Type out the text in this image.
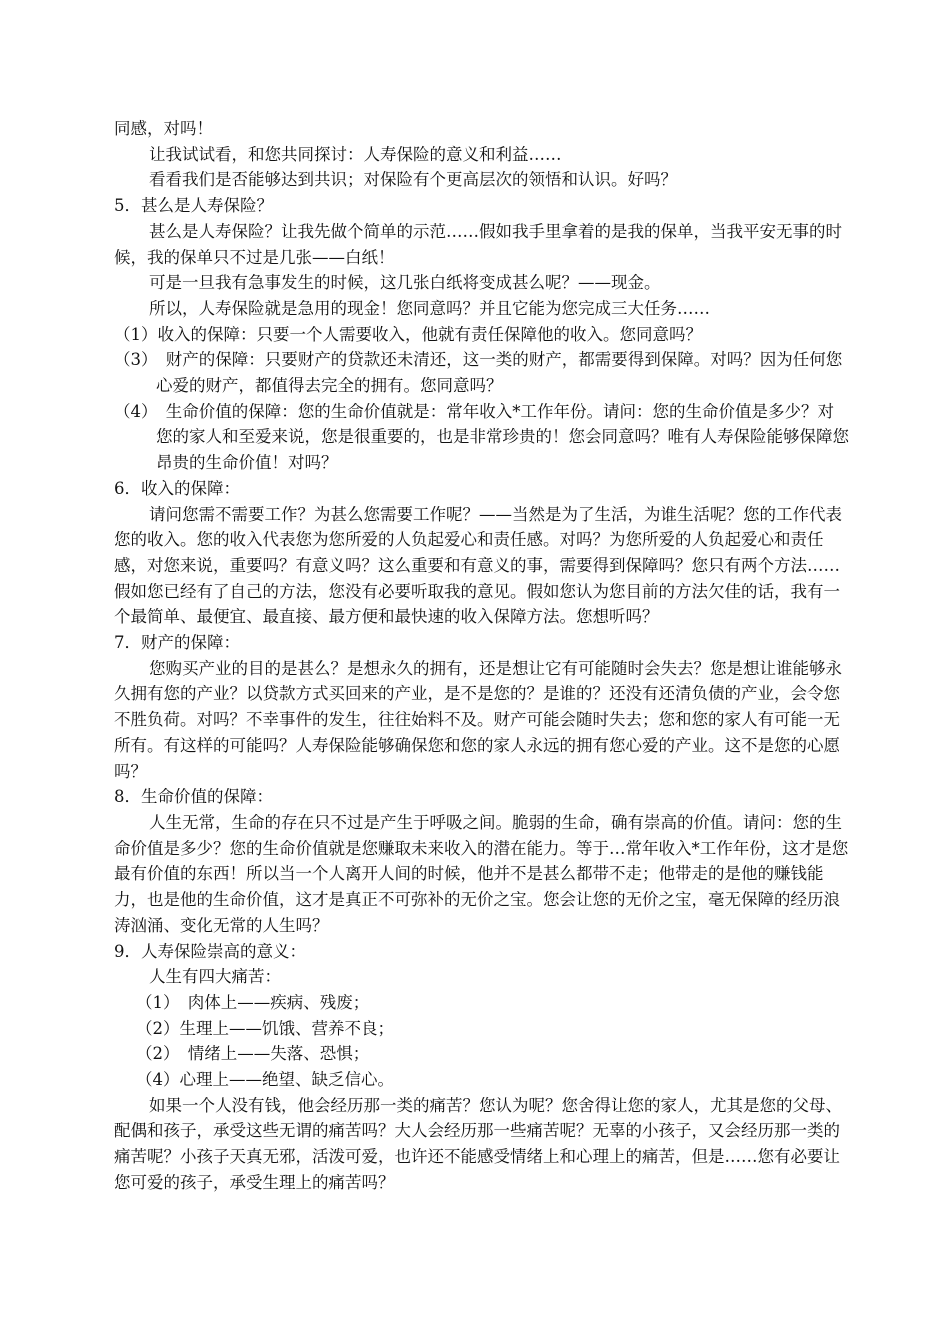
同感，对吗！

让我试试看，和您共同探讨：人寿保险的意义和利益……

看看我们是否能够达到共识；对保险有个更高层次的领悟和认识。好吗？

5．甚么是人寿保险？

甚么是人寿保险？让我先做个简单的示范……假如我手里拿着的是我的保单，当我平安无事的时候，我的保单只不过是几张——白纸！

可是一旦我有急事发生的时候，这几张白纸将变成甚么呢？——现金。

所以，人寿保险就是急用的现金！您同意吗？并且它能为您完成三大任务……

（1）收入的保障：只要一个人需要收入，他就有责任保障他的收入。您同意吗？

（3）　财产的保障：只要财产的贷款还未清还，这一类的财产，都需要得到保障。对吗？因为任何您心爱的财产，都值得去完全的拥有。您同意吗？

（4）　生命价值的保障：您的生命价值就是：常年收入*工作年份。请问：您的生命价值是多少？对您的家人和至爱来说，您是很重要的，也是非常珍贵的！您会同意吗？唯有人寿保险能够保障您昂贵的生命价值！对吗？

6．收入的保障：

请问您需不需要工作？为甚么您需要工作呢？——当然是为了生活，为谁生活呢？您的工作代表您的收入。您的收入代表您为您所爱的人负起爱心和责任感。对吗？为您所爱的人负起爱心和责任感，对您来说，重要吗？有意义吗？这么重要和有意义的事，需要得到保障吗？您只有两个方法……假如您已经有了自己的方法，您没有必要听取我的意见。假如您认为您目前的方法欠佳的话，我有一个最简单、最便宜、最直接、最方便和最快速的收入保障方法。您想听吗？

7．财产的保障：

您购买产业的目的是甚么？是想永久的拥有，还是想让它有可能随时会失去？您是想让谁能够永久拥有您的产业？以贷款方式买回来的产业，是不是您的？是谁的？还没有还清负债的产业，会令您不胜负荷。对吗？不幸事件的发生，往往始料不及。财产可能会随时失去；您和您的家人有可能一无所有。有这样的可能吗？人寿保险能够确保您和您的家人永远的拥有您心爱的产业。这不是您的心愿吗？

8．生命价值的保障：

人生无常，生命的存在只不过是产生于呼吸之间。脆弱的生命，确有崇高的价值。请问：您的生命价值是多少？您的生命价值就是您赚取未来收入的潜在能力。等于…常年收入*工作年份，这才是您最有价值的东西！所以当一个人离开人间的时候，他并不是甚么都带不走；他带走的是他的赚钱能力，也是他的生命价值，这才是真正不可弥补的无价之宝。您会让您的无价之宝，毫无保障的经历浪涛汹涌、变化无常的人生吗？

9．人寿保险崇高的意义：

人生有四大痛苦：

（1）　肉体上——疾病、残废；

（2）生理上——饥饿、营养不良；

（2）　情绪上——失落、恐惧；

（4）心理上——绝望、缺乏信心。

如果一个人没有钱，他会经历那一类的痛苦？您认为呢？您舍得让您的家人，尤其是您的父母、配偶和孩子，承受这些无谓的痛苦吗？大人会经历那一些痛苦呢？无辜的小孩子，又会经历那一类的痛苦呢？小孩子天真无邪，活泼可爱，也许还不能感受情绪上和心理上的痛苦，但是……您有必要让您可爱的孩子，承受生理上的痛苦吗？
